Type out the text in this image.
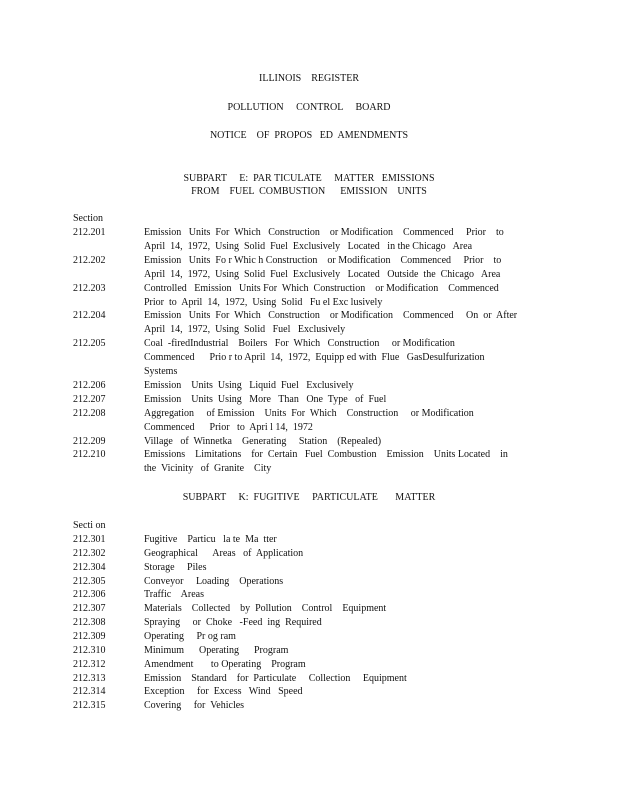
ILLINOIS    REGISTER
POLLUTION     CONTROL     BOARD
NOTICE    OF  PROPOS   ED  AMENDMENTS
SUBPART     E:  PAR TICULATE     MATTER   EMISSIONS
FROM    FUEL  COMBUSTION      EMISSION    UNITS
Section
212.201	Emission   Units  For  Which   Construction    or Modification    Commenced     Prior    to
April  14,  1972,  Using  Solid  Fuel  Exclusively   Located   in the Chicago   Area
212.202	Emission   Units  Fo r Whic h Construction    or Modification    Commenced     Prior    to
April  14,  1972,  Using  Solid  Fuel  Exclusively   Located   Outside  the  Chicago   Area
212.203	Controlled   Emission   Units For  Which  Construction    or Modification    Commenced
Prior  to  April  14,  1972,  Using  Solid   Fu el Exc lusively
212.204	Emission   Units  For  Which   Construction    or Modification    Commenced     On  or  After
April  14,  1972,  Using  Solid   Fuel   Exclusively
212.205	Coal  -firedIndustrial    Boilers   For  Which   Construction     or Modification
Commenced      Prio r to April  14,  1972,  Equipp ed with  Flue   GasDesulfurization
Systems
212.206	Emission    Units  Using   Liquid  Fuel   Exclusively
212.207	Emission    Units  Using   More   Than   One  Type   of  Fuel
212.208	Aggregation     of Emission    Units  For  Which    Construction     or Modification
Commenced      Prior   to  Apri l 14,  1972
212.209	Village   of  Winnetka    Generating     Station    (Repealed)
212.210	Emissions    Limitations    for  Certain   Fuel  Combustion    Emission    Units Located    in
the  Vicinity   of  Granite    City
SUBPART     K:  FUGITIVE     PARTICULATE       MATTER
Secti on
212.301	Fugitive    Particu   la te  Ma  tter
212.302	Geographical      Areas   of  Application
212.304	Storage     Piles
212.305	Conveyor     Loading    Operations
212.306	Traffic    Areas
212.307	Materials    Collected    by  Pollution    Control    Equipment
212.308	Spraying     or  Choke   -Feed  ing  Required
212.309	Operating     Pr og ram
212.310	Minimum      Operating      Program
212.312	Amendment       to Operating    Program
212.313	Emission    Standard    for  Particulate     Collection     Equipment
212.314	Exception     for  Excess   Wind   Speed
212.315	Covering     for  Vehicles
